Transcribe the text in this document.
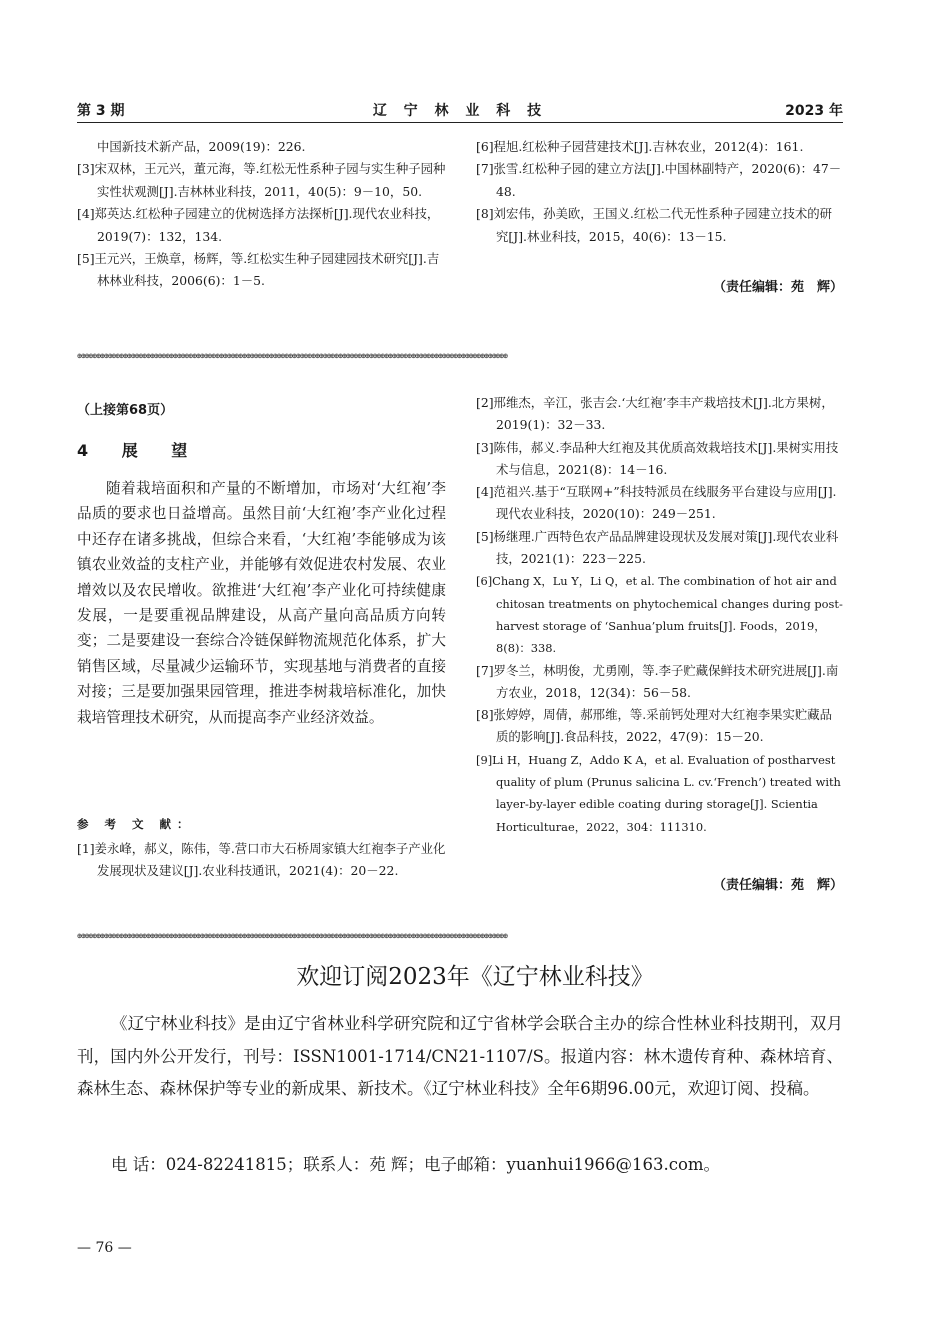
第 3 期	辽 宁 林 业 科 技	2023 年

中国新技术新产品，2009(19)：226.

[3]宋双林，王元兴，董元海，等.红松无性系种子园与实生种子园种实性状观测[J].吉林林业科技，2011，40(5)：9－10，50.

[4]郑英达.红松种子园建立的优树选择方法探析[J].现代农业科技，2019(7)：132，134.

[5]王元兴，王焕章，杨辉，等.红松实生种子园建园技术研究[J].吉林林业科技，2006(6)：1－5.

[6]程旭.红松种子园营建技术[J].吉林农业，2012(4)：161.

[7]张雪.红松种子园的建立方法[J].中国林副特产，2020(6)：47－48.

[8]刘宏伟，孙美欧，王国义.红松二代无性系种子园建立技术的研究[J].林业科技，2015，40(6)：13－15.

（责任编辑：苑　辉）
ꚛꚛꚛꚛꚛꚛꚛꚛꚛꚛꚛꚛꚛꚛꚛꚛꚛꚛꚛꚛꚛꚛꚛꚛꚛꚛꚛꚛꚛꚛꚛꚛꚛꚛꚛꚛꚛꚛꚛꚛꚛꚛꚛꚛꚛꚛꚛꚛꚛꚛꚛꚛꚛꚛꚛꚛꚛꚛꚛꚛꚛꚛꚛꚛꚛꚛꚛꚛꚛꚛꚛꚛꚛꚛꚛꚛꚛꚛꚛꚛꚛꚛꚛꚛꚛꚛꚛꚛꚛꚛꚛꚛꚛꚛꚛꚛꚛꚛꚛꚛꚛꚛꚛꚛꚛꚛꚛꚛꚛꚛꚛꚛ
（上接第68页）
4 展 望

随着栽培面积和产量的不断增加，市场对‘大红袍’李品质的要求也日益增高。虽然目前‘大红袍’李产业化过程中还存在诸多挑战，但综合来看，‘大红袍’李能够成为该镇农业效益的支柱产业，并能够有效促进农村发展、农业增效以及农民增收。欲推进‘大红袍’李产业化可持续健康发展，一是要重视品牌建设，从高产量向高品质方向转变；二是要建设一套综合冷链保鲜物流规范化体系，扩大销售区域，尽量减少运输环节，实现基地与消费者的直接对接；三是要加强果园管理，推进李树栽培标准化，加快栽培管理技术研究，从而提高李产业经济效益。

参 考 文 献：

[1]姜永峰，郝义，陈伟，等.营口市大石桥周家镇大红袍李子产业化发展现状及建议[J].农业科技通讯，2021(4)：20－22.

[2]邢维杰，辛江，张吉会.‘大红袍’李丰产栽培技术[J].北方果树，2019(1)：32－33.

[3]陈伟，郝义.李品种大红袍及其优质高效栽培技术[J].果树实用技术与信息，2021(8)：14－16.

[4]范祖兴.基于“互联网+”科技特派员在线服务平台建设与应用[J].现代农业科技，2020(10)：249－251.

[5]杨继理.广西特色农产品品牌建设现状及发展对策[J].现代农业科技，2021(1)：223－225.

[6]Chang X，Lu Y，Li Q，et al. The combination of hot air and chitosan treatments on phytochemical changes during post-harvest storage of ‘Sanhua’plum fruits[J]. Foods，2019，8(8)：338.

[7]罗冬兰，林明俊，尤勇刚，等.李子贮藏保鲜技术研究进展[J].南方农业，2018，12(34)：56－58.

[8]张婷婷，周倩，郝邢维，等.采前钙处理对大红袍李果实贮藏品质的影响[J].食品科技，2022，47(9)：15－20.

[9]Li H，Huang Z，Addo K A，et al. Evaluation of postharvest quality of plum (Prunus salicina L. cv.‘French’) treated with layer-by-layer edible coating during storage[J]. Scientia Horticulturae，2022，304：111310.

（责任编辑：苑　辉）
ꚛꚛꚛꚛꚛꚛꚛꚛꚛꚛꚛꚛꚛꚛꚛꚛꚛꚛꚛꚛꚛꚛꚛꚛꚛꚛꚛꚛꚛꚛꚛꚛꚛꚛꚛꚛꚛꚛꚛꚛꚛꚛꚛꚛꚛꚛꚛꚛꚛꚛꚛꚛꚛꚛꚛꚛꚛꚛꚛꚛꚛꚛꚛꚛꚛꚛꚛꚛꚛꚛꚛꚛꚛꚛꚛꚛꚛꚛꚛꚛꚛꚛꚛꚛꚛꚛꚛꚛꚛꚛꚛꚛꚛꚛꚛꚛꚛꚛꚛꚛꚛꚛꚛꚛꚛꚛꚛꚛꚛꚛꚛꚛ
欢迎订阅2023年《辽宁林业科技》

《辽宁林业科技》是由辽宁省林业科学研究院和辽宁省林学会联合主办的综合性林业科技期刊，双月刊，国内外公开发行，刊号：ISSN1001-1714/CN21-1107/S。报道内容：林木遗传育种、森林培育、森林生态、森林保护等专业的新成果、新技术。《辽宁林业科技》全年6期96.00元，欢迎订阅、投稿。

电 话：024-82241815；联系人：苑 辉；电子邮箱：yuanhui1966@163.com。
— 76 —
